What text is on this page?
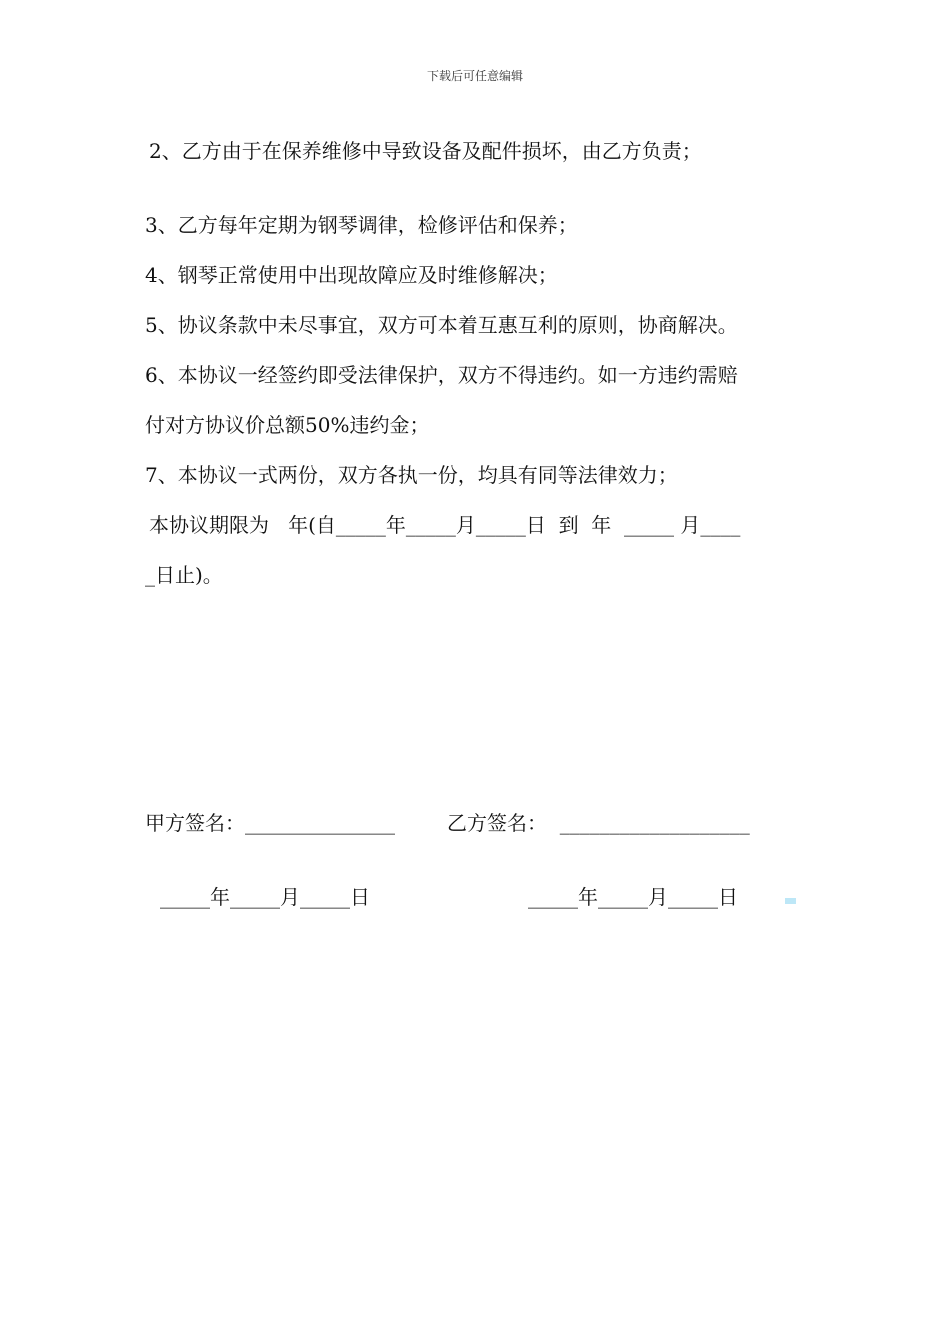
下载后可任意编辑
2、乙方由于在保养维修中导致设备及配件损坏，由乙方负责；
3、乙方每年定期为钢琴调律，检修评估和保养；
4、钢琴正常使用中出现故障应及时维修解决；
5、协议条款中未尽事宜，双方可本着互惠互利的原则，协商解决。
6、本协议一经签约即受法律保护，双方不得违约。如一方违约需赔
付对方协议价总额50%违约金；
7、本协议一式两份，双方各执一份，均具有同等法律效力；
本协议期限为   年(自_____年_____月_____日  到  年  _____ 月____
_日止)。
甲方签名：_______________	乙方签名：  ___________________
_____年_____月_____日	_____年_____月_____日
